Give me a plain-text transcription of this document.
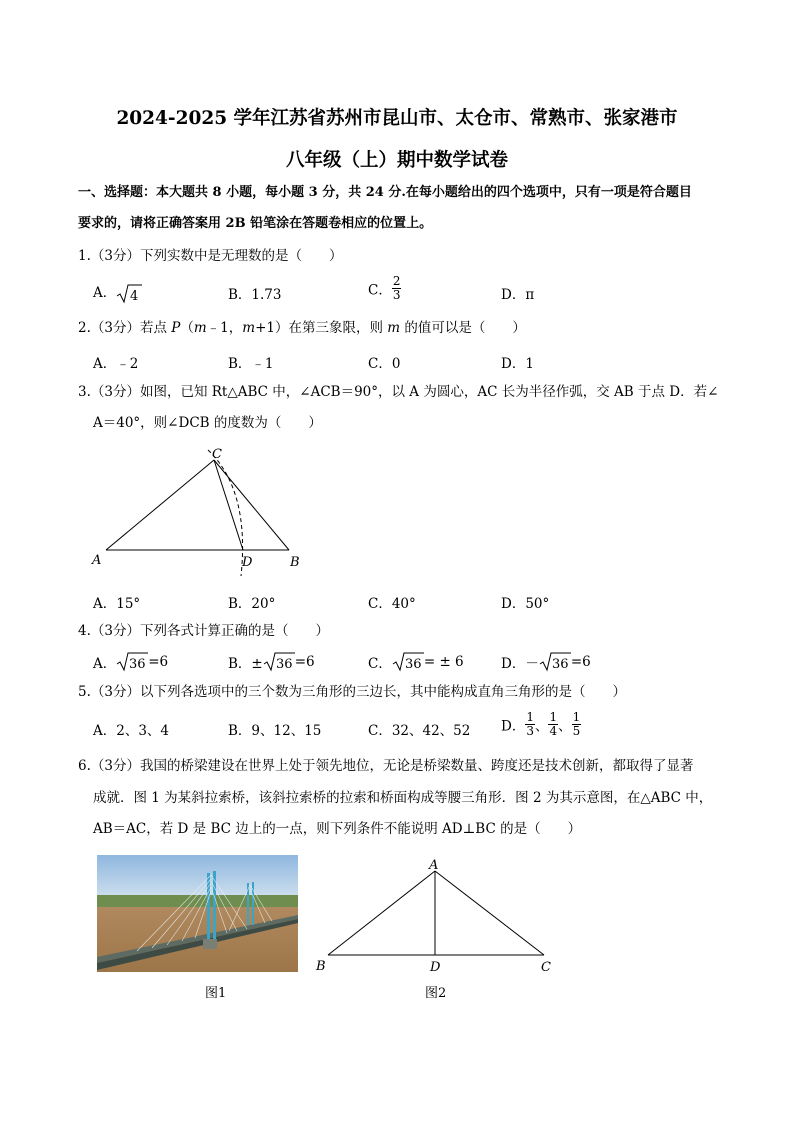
2024-2025 学年江苏省苏州市昆山市、太仓市、常熟市、张家港市
八年级（上）期中数学试卷
一、选择题：本大题共 8 小题，每小题 3 分，共 24 分.在每小题给出的四个选项中，只有一项是符合题目
要求的，请将正确答案用 2B 铅笔涂在答题卷相应的位置上。
1.（3分）下列实数中是无理数的是（　　）
A． 4	B．1.73	C． $\frac{2}{3}$	D．π
2.（3分）若点 P（m﹣1，m+1）在第三象限，则 m 的值可以是（　　）
A．﹣2	B．﹣1	C．0	D．1
3.（3分）如图，已知 Rt△ABC 中，∠ACB＝90°，以 A 为圆心，AC 长为半径作弧，交 AB 于点 D．若∠
A＝40°，则∠DCB 的度数为（　　）
A	B
C
D
A．15°	B．20°	C．40°	D．50°
4.（3分）下列各式计算正确的是（　　）
A． 36 =6	B．± 36 =6	C． 36 = ± 6	D．－ 36 =6
5.（3分）以下列各选项中的三个数为三角形的三边长，其中能构成直角三角形的是（　　）
A．2、3、4	B．9、12、15	C．32、42、52 D． $\frac{1}{3}$ 、 $\frac{1}{4}$ 、 $\frac{1}{5}$
6.（3分）我国的桥梁建设在世界上处于领先地位，无论是桥梁数量、跨度还是技术创新，都取得了显著
成就．图 1 为某斜拉索桥，该斜拉索桥的拉索和桥面构成等腰三角形．图 2 为其示意图，在△ABC 中，
AB＝AC，若 D 是 BC 边上的一点，则下列条件不能说明 AD⊥BC 的是（　　）
图1
A
B	D	C
图2
